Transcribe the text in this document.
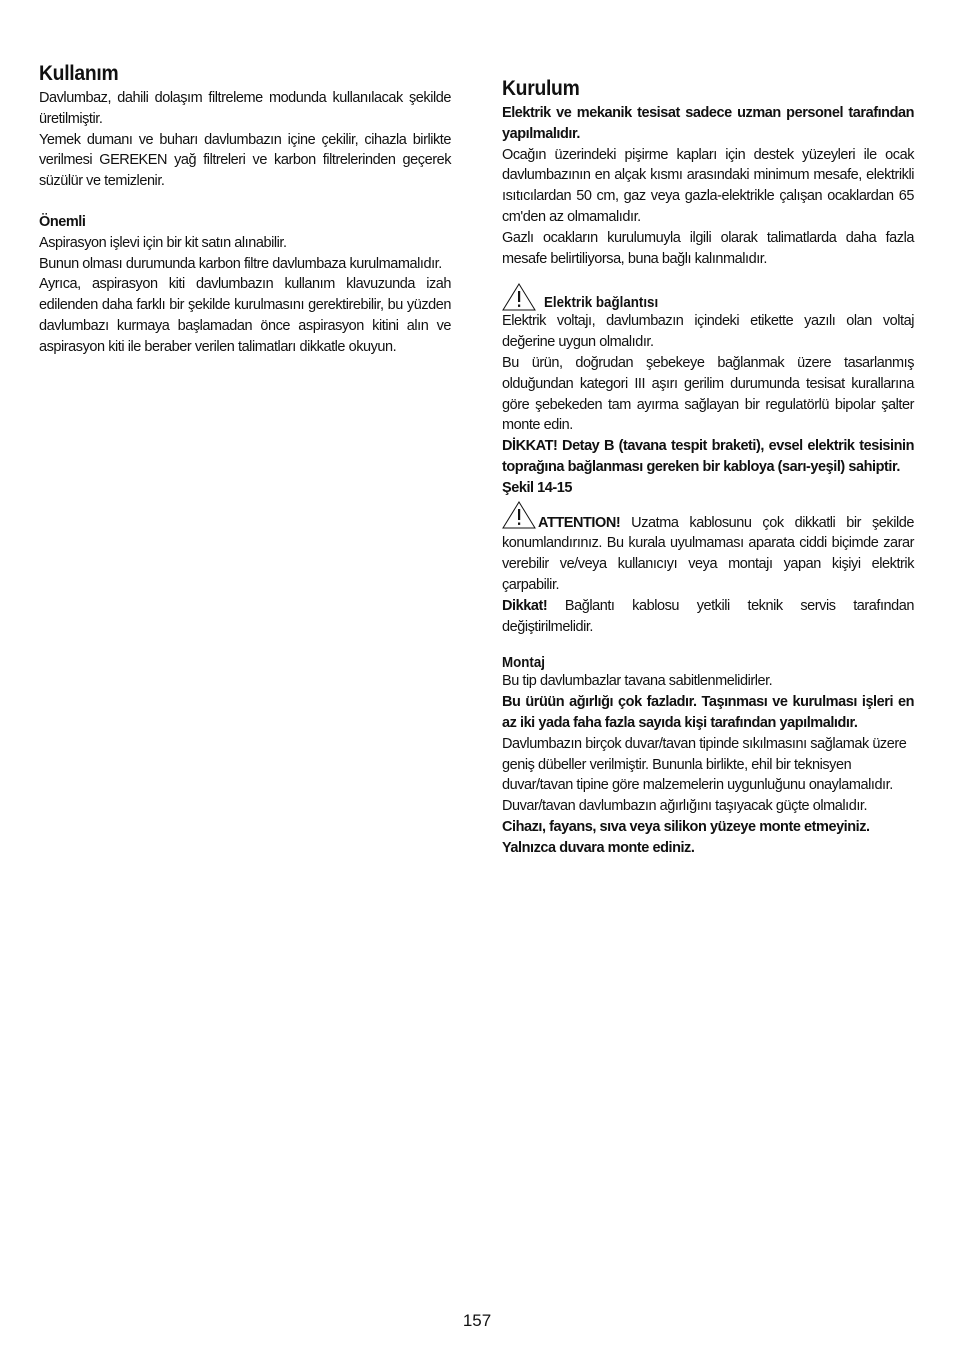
Kullanım

Davlumbaz, dahili dolaşım filtreleme modunda kullanılacak şekilde üretilmiştir.

Yemek dumanı ve buharı davlumbazın içine çekilir, cihazla birlikte verilmesi GEREKEN yağ filtreleri ve karbon filtrelerinden geçerek süzülür ve temizlenir.

Önemli

Aspirasyon işlevi için bir kit satın alınabilir.

Bunun olması durumunda karbon filtre davlumbaza kurulmamalıdır.

Ayrıca, aspirasyon kiti davlumbazın kullanım klavuzunda izah edilenden daha farklı bir şekilde kurulmasını gerektirebilir, bu yüzden davlumbazı kurmaya başlamadan önce aspirasyon kitini alın ve aspirasyon kiti ile beraber verilen talimatları dikkatle okuyun.

Kurulum

Elektrik ve mekanik tesisat sadece uzman personel tarafından yapılmalıdır.

Ocağın üzerindeki pişirme kapları için destek yüzeyleri ile ocak davlumbazının en alçak kısmı arasındaki minimum mesafe, elektrikli ısıtıcılardan 50 cm, gaz veya gazla-elektrikle çalışan ocaklardan 65 cm'den az olmamalıdır.

Gazlı ocakların kurulumuyla ilgili olarak talimatlarda daha fazla mesafe belirtiliyorsa, buna bağlı kalınmalıdır.

Elektrik bağlantısı

Elektrik voltajı, davlumbazın içindeki etikette yazılı olan voltaj değerine uygun olmalıdır.

Bu ürün, doğrudan şebekeye bağlanmak üzere tasarlanmış olduğundan kategori III aşırı gerilim durumunda tesisat kurallarına göre şebekeden tam ayırma sağlayan bir regulatörlü bipolar şalter monte edin.

DİKKAT! Detay B (tavana tespit braketi), evsel elektrik tesisinin toprağına bağlanması gereken bir kabloya (sarı-yeşil) sahiptir.

Şekil 14-15

ATTENTION! Uzatma kablosunu çok dikkatli bir şekilde konumlandırınız. Bu kurala uyulmaması aparata ciddi biçimde zarar verebilir ve/veya kullanıcıyı veya montajı yapan kişiyi elektrik çarpabilir.

Dikkat! Bağlantı kablosu yetkili teknik servis tarafından değiştirilmelidir.

Montaj

Bu tip davlumbazlar tavana sabitlenmelidirler.

Bu ürüün ağırlığı çok fazladır. Taşınması ve kurulması işleri en az iki yada faha fazla sayıda kişi tarafından yapılmalıdır.

Davlumbazın birçok duvar/tavan tipinde sıkılmasını sağlamak üzere geniş dübeller verilmiştir. Bununla birlikte, ehil bir teknisyen duvar/tavan tipine göre malzemelerin uygunluğunu onaylamalıdır. Duvar/tavan davlumbazın ağırlığını taşıyacak güçte olmalıdır. Cihazı, fayans, sıva veya silikon yüzeye monte etmeyiniz. Yalnızca duvara monte ediniz.

157
